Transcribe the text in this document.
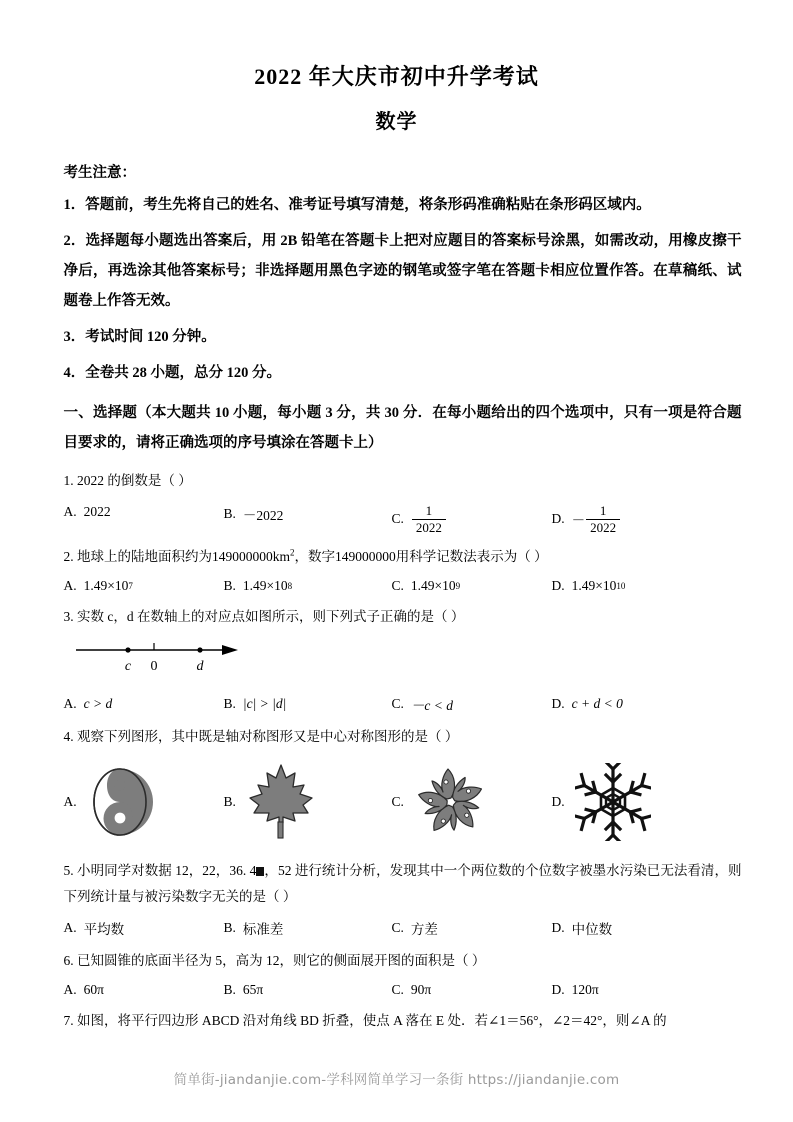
2022 年大庆市初中升学考试
数学
考生注意：
1．答题前，考生先将自己的姓名、准考证号填写清楚，将条形码准确粘贴在条形码区域内。
2．选择题每小题选出答案后，用 2B 铅笔在答题卡上把对应题目的答案标号涂黑，如需改动，用橡皮擦干净后，再选涂其他答案标号；非选择题用黑色字迹的钢笔或签字笔在答题卡相应位置作答。在草稿纸、试题卷上作答无效。
3．考试时间 120 分钟。
4．全卷共 28 小题，总分 120 分。
一、选择题（本大题共 10 小题，每小题 3 分，共 30 分．在每小题给出的四个选项中，只有一项是符合题目要求的，请将正确选项的序号填涂在答题卡上）
1. 2022 的倒数是（ ）
A. 2022	B. －2022	C. $\frac{1}{2022}$	D. － $\frac{1}{2022}$
2. 地球上的陆地面积约为$149000000km^2$，数字149000000用科学记数法表示为（ ）
A. 1.49×10 7	B. 1.49×10 8	C. 1.49×10 9	D. 1.49×10 10
3. 实数 c，d 在数轴上的对应点如图所示，则下列式子正确的是（ ）
c 0	d
A. c > d	B. |c| > |d|	C. －c < d	D. c + d < 0
4. 观察下列图形，其中既是轴对称图形又是中心对称图形的是（ ）
A.	B.	C.	D.
5. 小明同学对数据 12，22，36. 4 ，52 进行统计分析，发现其中一个两位数的个位数字被墨水污染已无法看清，则下列统计量与被污染数字无关的是（ ）
A. 平均数	B. 标准差	C. 方差	D. 中位数
6. 已知圆锥的底面半径为 5，高为 12，则它的侧面展开图的面积是（ ）
A. 60π	B. 65π	C. 90π	D. 120π
7. 如图，将平行四边形 ABCD 沿对角线 BD 折叠，使点 A 落在 E 处．若∠1＝56°，∠2＝42°，则∠A 的
简单街-jiandanjie.com-学科网简单学习一条街 https://jiandanjie.com
